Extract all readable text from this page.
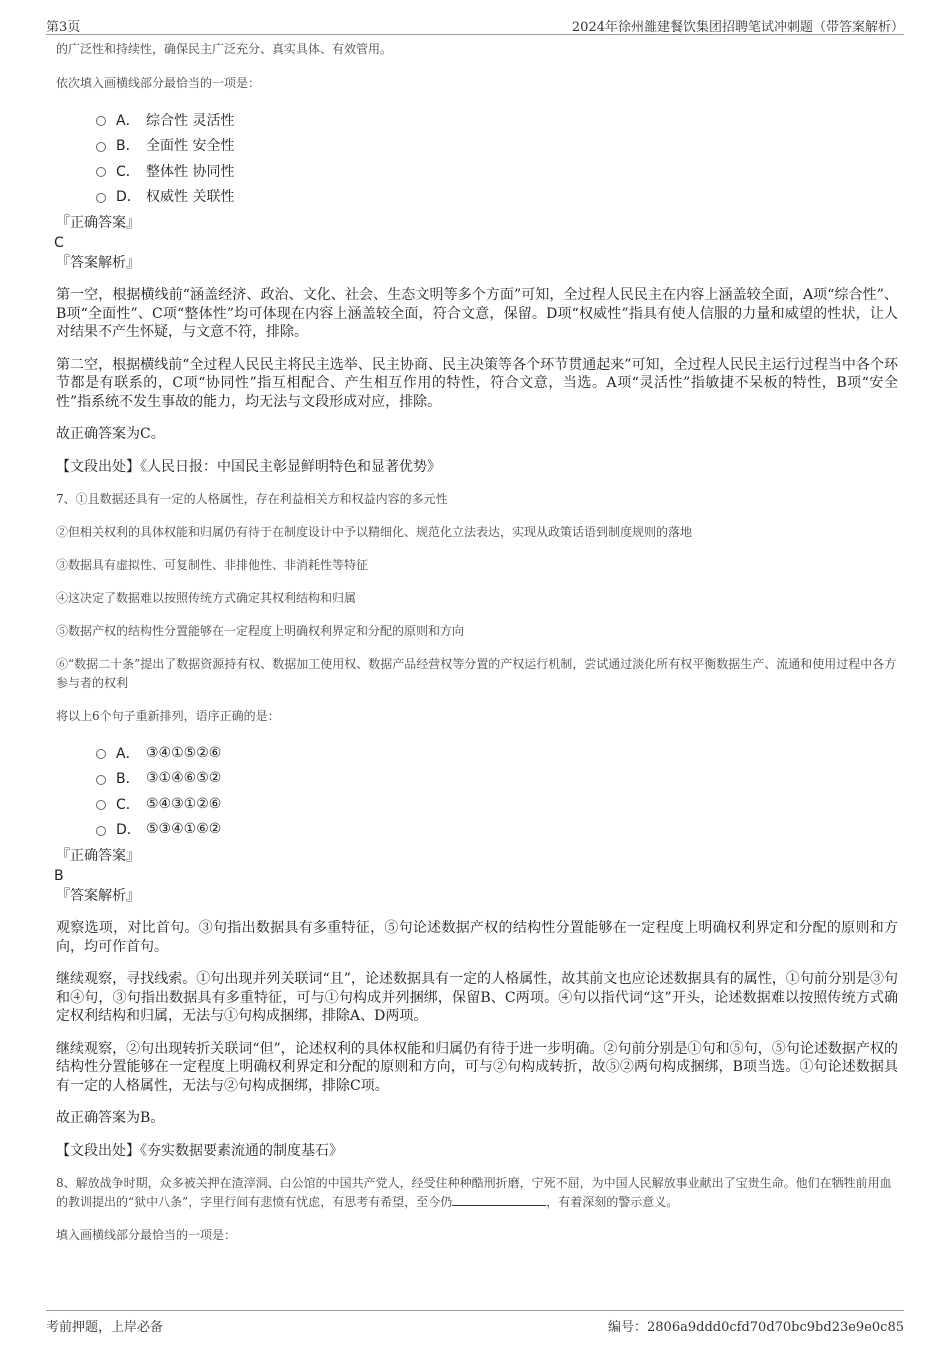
第3页	2024年徐州雒建餐饮集团招聘笔试冲刺题（带答案解析）

的广泛性和持续性，确保民主广泛充分、真实具体、有效管用。

依次填入画横线部分最恰当的一项是：

A． 综合性 灵活性
B． 全面性 安全性
C． 整体性 协同性
D． 权威性 关联性

『正确答案』

C

『答案解析』

第一空，根据横线前“涵盖经济、政治、文化、社会、生态文明等多个方面”可知，全过程人民民主在内容上涵盖较全面，A项“综合性”、B项“全面性”、C项“整体性”均可体现在内容上涵盖较全面，符合文意，保留。D项“权威性”指具有使人信服的力量和威望的性状，让人对结果不产生怀疑，与文意不符，排除。

第二空，根据横线前“全过程人民民主将民主选举、民主协商、民主决策等各个环节贯通起来”可知，全过程人民民主运行过程当中各个环节都是有联系的，C项“协同性”指互相配合、产生相互作用的特性，符合文意，当选。A项“灵活性”指敏捷不呆板的特性，B项“安全性”指系统不发生事故的能力，均无法与文段形成对应，排除。

故正确答案为C。

【文段出处】《人民日报：中国民主彰显鲜明特色和显著优势》

7、①且数据还具有一定的人格属性，存在利益相关方和权益内容的多元性

②但相关权利的具体权能和归属仍有待于在制度设计中予以精细化、规范化立法表达，实现从政策话语到制度规则的落地

③数据具有虚拟性、可复制性、非排他性、非消耗性等特征

④这决定了数据难以按照传统方式确定其权利结构和归属

⑤数据产权的结构性分置能够在一定程度上明确权利界定和分配的原则和方向

⑥“数据二十条”提出了数据资源持有权、数据加工使用权、数据产品经营权等分置的产权运行机制，尝试通过淡化所有权平衡数据生产、流通和使用过程中各方参与者的权利

将以上6个句子重新排列，语序正确的是：

A． ③④①⑤②⑥
B． ③①④⑥⑤②
C． ⑤④③①②⑥
D． ⑤③④①⑥②

『正确答案』

B

『答案解析』

观察选项，对比首句。③句指出数据具有多重特征，⑤句论述数据产权的结构性分置能够在一定程度上明确权利界定和分配的原则和方向，均可作首句。

继续观察，寻找线索。①句出现并列关联词“且”，论述数据具有一定的人格属性，故其前文也应论述数据具有的属性，①句前分别是③句和④句，③句指出数据具有多重特征，可与①句构成并列捆绑，保留B、C两项。④句以指代词“这”开头，论述数据难以按照传统方式确定权利结构和归属，无法与①句构成捆绑，排除A、D两项。

继续观察，②句出现转折关联词“但”，论述权利的具体权能和归属仍有待于进一步明确。②句前分别是①句和⑤句，⑤句论述数据产权的结构性分置能够在一定程度上明确权利界定和分配的原则和方向，可与②句构成转折，故⑤②两句构成捆绑，B项当选。①句论述数据具有一定的人格属性，无法与②句构成捆绑，排除C项。

故正确答案为B。

【文段出处】《夯实数据要素流通的制度基石》

8、解放战争时期，众多被关押在渣滓洞、白公馆的中国共产党人，经受住种种酷刑折磨，宁死不屈，为中国人民解放事业献出了宝贵生命。他们在牺牲前用血的教训提出的“狱中八条”，字里行间有悲愤有忧虑，有思考有希望，至今仍	，有着深刻的警示意义。

填入画横线部分最恰当的一项是：

考前押题，上岸必备	编号：2806a9ddd0cfd70d70bc9bd23e9e0c85
